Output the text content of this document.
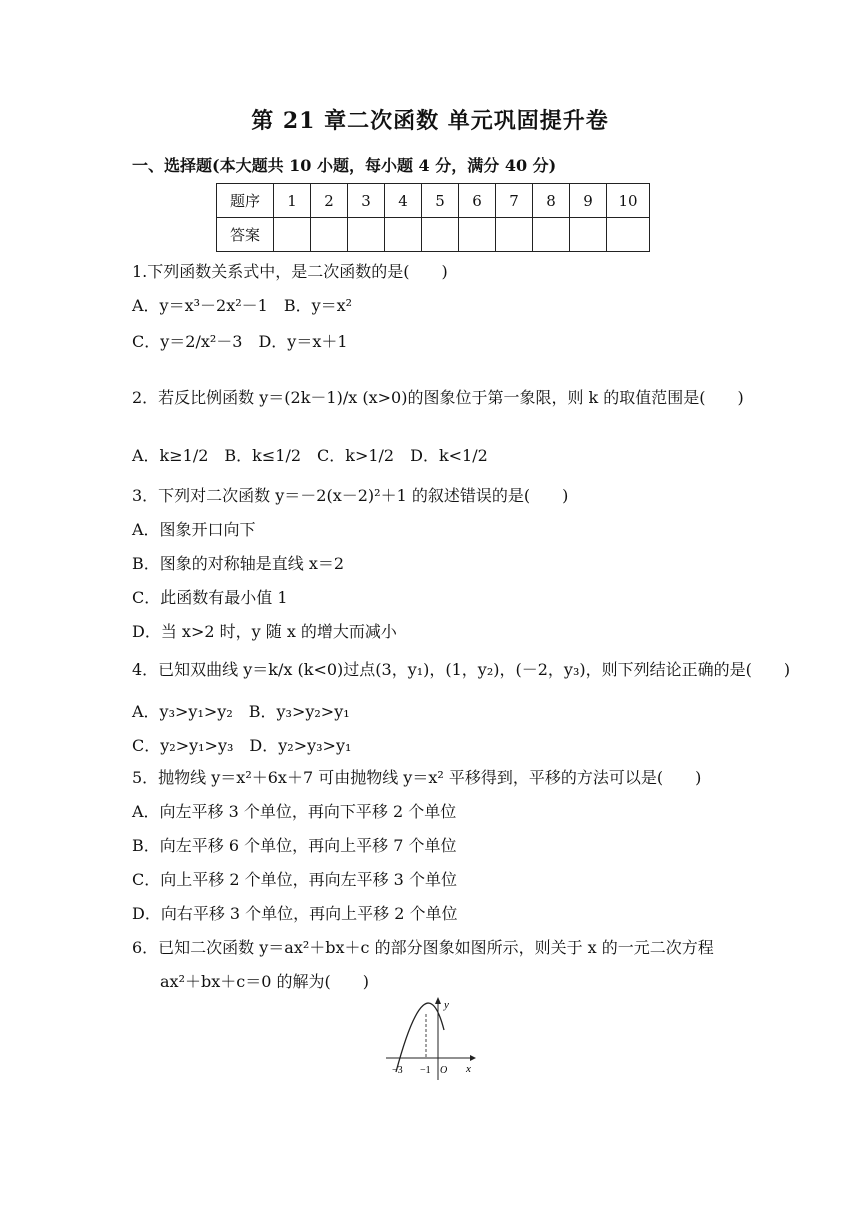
第 21 章二次函数 单元巩固提升卷
一、选择题(本大题共 10 小题，每小题 4 分，满分 40 分)
题序	1	2	3	4	5	6	7	8	9	10
答案										
1.下列函数关系式中，是二次函数的是(　　)
A．y＝x³－2x²－1　B．y＝x²
C．y＝2/x²－3　D．y＝x＋1
2．若反比例函数 y＝(2k－1)/x (x>0)的图象位于第一象限，则 k 的取值范围是(　　)
A．k≥1/2　B．k≤1/2　C．k>1/2　D．k<1/2
3．下列对二次函数 y＝－2(x－2)²＋1 的叙述错误的是(　　)
A．图象开口向下
B．图象的对称轴是直线 x＝2
C．此函数有最小值 1
D．当 x>2 时，y 随 x 的增大而减小
4．已知双曲线 y＝k/x (k<0)过点(3，y₁)，(1，y₂)，(－2，y₃)，则下列结论正确的是(　　)
A．y₃>y₁>y₂　B．y₃>y₂>y₁
C．y₂>y₁>y₃　D．y₂>y₃>y₁
5．抛物线 y＝x²＋6x＋7 可由抛物线 y＝x² 平移得到，平移的方法可以是(　　)
A．向左平移 3 个单位，再向下平移 2 个单位
B．向左平移 6 个单位，再向上平移 7 个单位
C．向上平移 2 个单位，再向左平移 3 个单位
D．向右平移 3 个单位，再向上平移 2 个单位
6．已知二次函数 y＝ax²＋bx＋c 的部分图象如图所示，则关于 x 的一元二次方程
ax²＋bx＋c＝0 的解为(　　)
y
x
−3 −1 O
